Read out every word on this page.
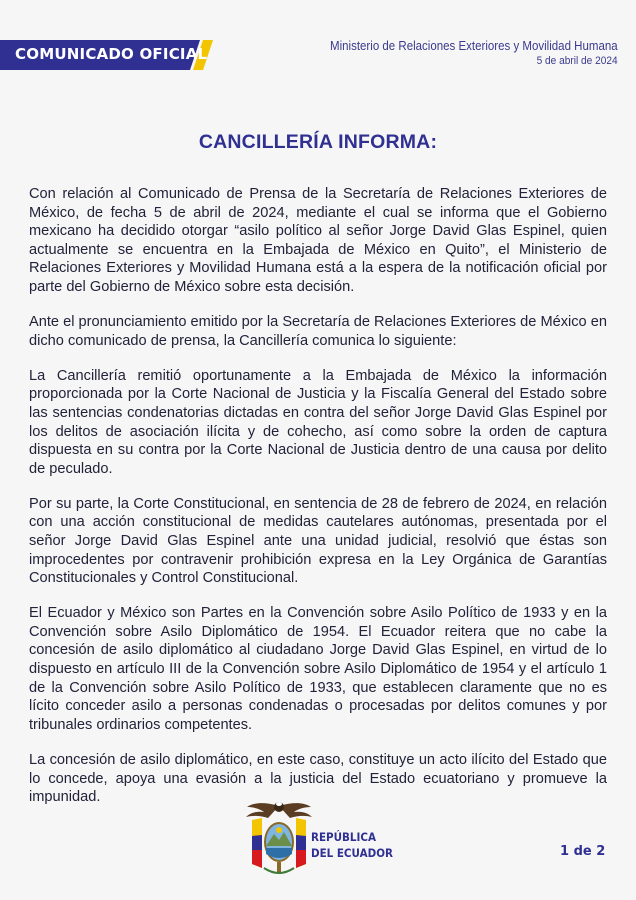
COMUNICADO OFICIAL	Ministerio de Relaciones Exteriores y Movilidad Humana
5 de abril de 2024
CANCILLERÍA INFORMA:

Con relación al Comunicado de Prensa de la Secretaría de Relaciones Exteriores de México, de fecha 5 de abril de 2024, mediante el cual se informa que el Gobierno mexicano ha decidido otorgar “asilo político al señor Jorge David Glas Espinel, quien actualmente se encuentra en la Embajada de México en Quito”, el Ministerio de Relaciones Exteriores y Movilidad Humana está a la espera de la notificación oficial por parte del Gobierno de México sobre esta decisión.

Ante el pronunciamiento emitido por la Secretaría de Relaciones Exteriores de México en dicho comunicado de prensa, la Cancillería comunica lo siguiente:

La Cancillería remitió oportunamente a la Embajada de México la información proporcionada por la Corte Nacional de Justicia y la Fiscalía General del Estado sobre las sentencias condenatorias dictadas en contra del señor Jorge David Glas Espinel por los delitos de asociación ilícita y de cohecho, así como sobre la orden de captura dispuesta en su contra por la Corte Nacional de Justicia dentro de una causa por delito de peculado.

Por su parte, la Corte Constitucional, en sentencia de 28 de febrero de 2024, en relación con una acción constitucional de medidas cautelares autónomas, presentada por el señor Jorge David Glas Espinel ante una unidad judicial, resolvió que éstas son improcedentes por contravenir prohibición expresa en la Ley Orgánica de Garantías Constitucionales y Control Constitucional.

El Ecuador y México son Partes en la Convención sobre Asilo Político de 1933 y en la Convención sobre Asilo Diplomático de 1954. El Ecuador reitera que no cabe la concesión de asilo diplomático al ciudadano Jorge David Glas Espinel, en virtud de lo dispuesto en artículo III de la Convención sobre Asilo Diplomático de 1954 y el artículo 1 de la Convención sobre Asilo Político de 1933, que establecen claramente que no es lícito conceder asilo a personas condenadas o procesadas por delitos comunes y por tribunales ordinarios competentes.

La concesión de asilo diplomático, en este caso, constituye un acto ilícito del Estado que lo concede, apoya una evasión a la justicia del Estado ecuatoriano y promueve la impunidad.

REPÚBLICA
DEL ECUADOR	1 de 2
